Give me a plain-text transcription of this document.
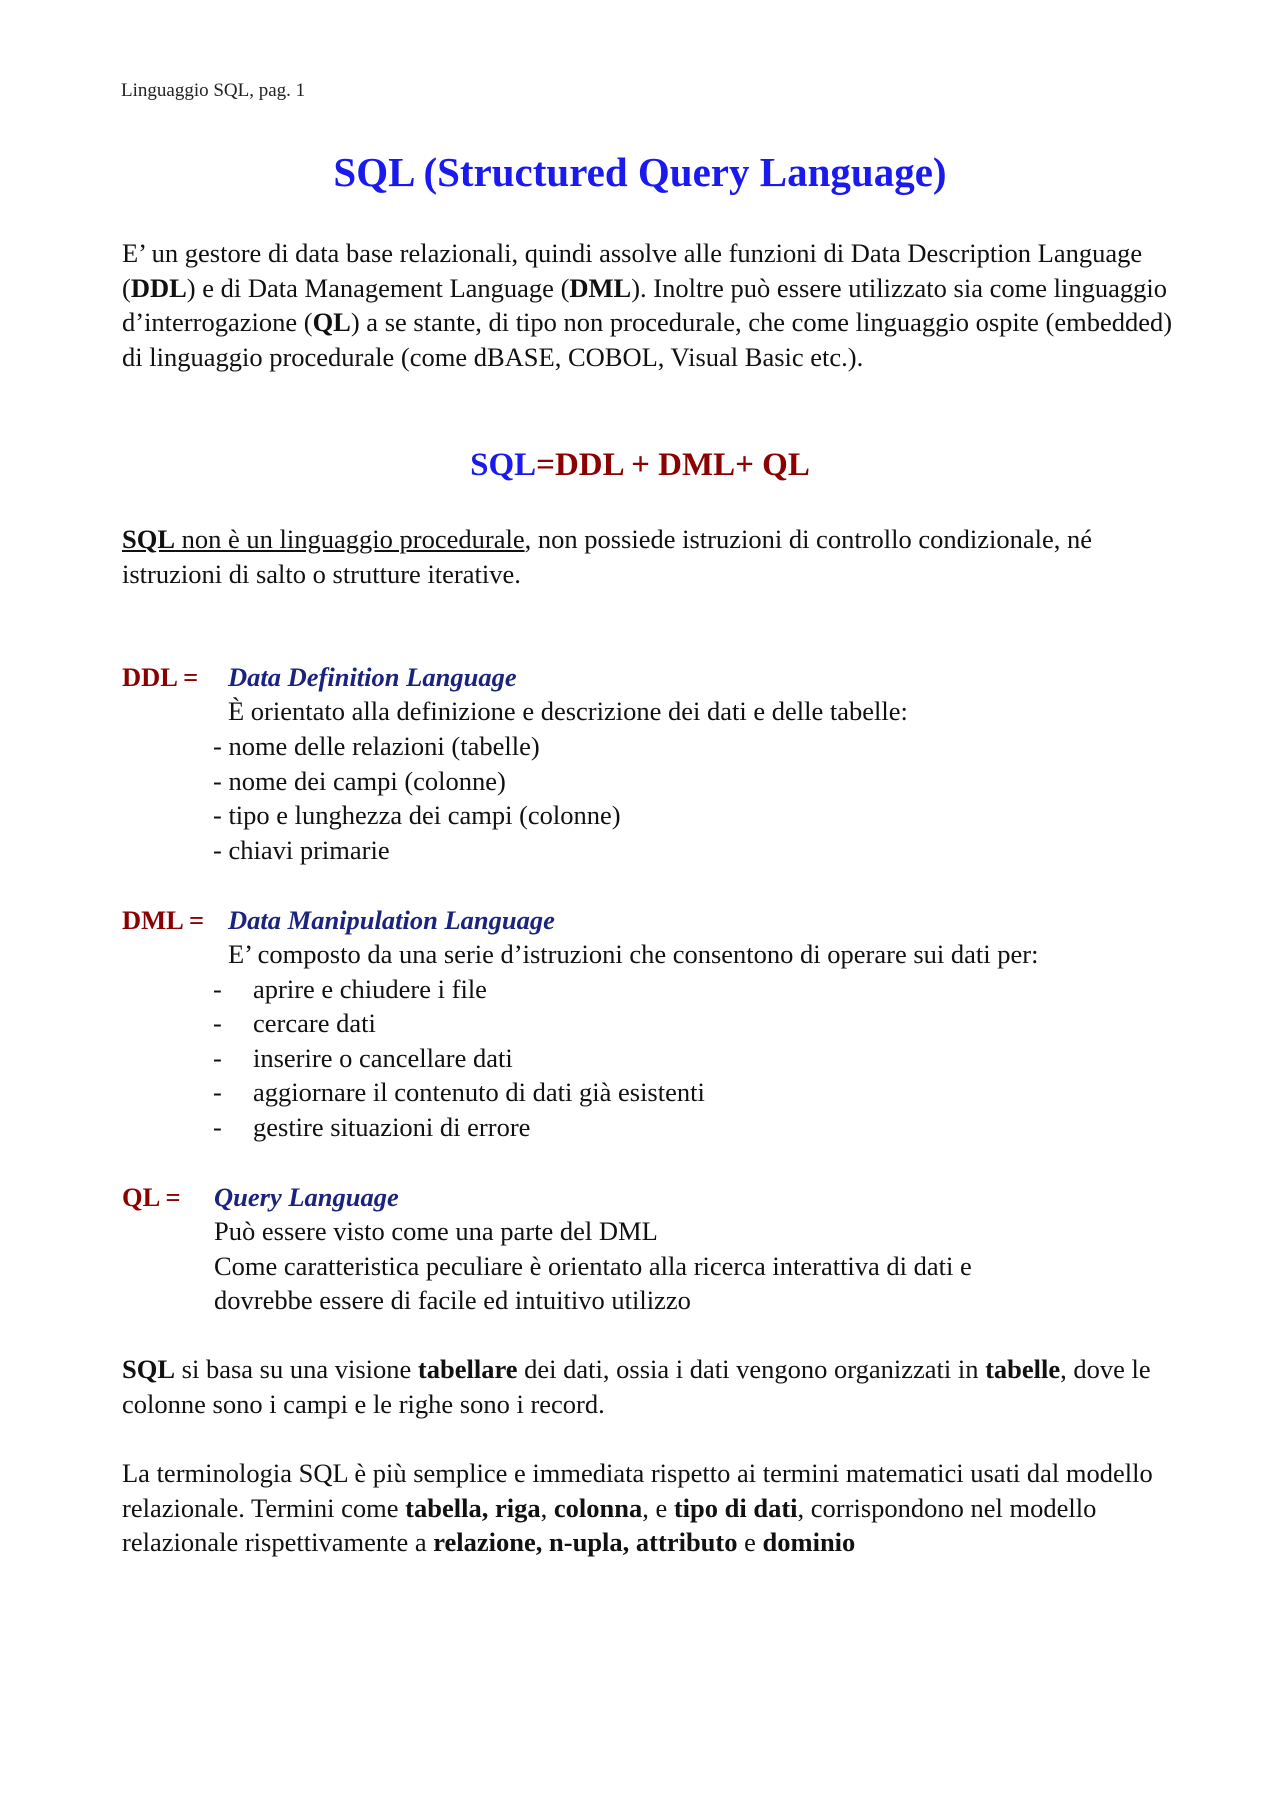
Linguaggio SQL, pag. 1
SQL (Structured Query Language)
E’ un gestore di data base relazionali, quindi assolve alle funzioni di Data Description Language (DDL) e di Data Management Language (DML). Inoltre può essere utilizzato sia come linguaggio d’interrogazione (QL) a se stante, di tipo non procedurale, che come linguaggio ospite (embedded) di linguaggio procedurale (come dBASE, COBOL, Visual Basic etc.).
SQL=DDL + DML+ QL
SQL non è un linguaggio procedurale, non possiede istruzioni di controllo condizionale, né istruzioni di salto o strutture iterative.
DDL = Data Definition Language
È orientato alla definizione e descrizione dei dati e delle tabelle:
- nome delle relazioni (tabelle)
- nome dei campi (colonne)
- tipo e lunghezza dei campi (colonne)
- chiavi primarie
DML = Data Manipulation Language
E’ composto da una serie d’istruzioni che consentono di operare sui dati per:
- aprire e chiudere i file
- cercare dati
- inserire o cancellare dati
- aggiornare il contenuto di dati già esistenti
- gestire situazioni di errore
QL = Query Language
Può essere visto come una parte del DML
Come caratteristica peculiare è orientato alla ricerca interattiva di dati e
dovrebbe essere di facile ed intuitivo utilizzo
SQL si basa su una visione tabellare dei dati, ossia i dati vengono organizzati in tabelle, dove le colonne sono i campi e le righe sono i record.
La terminologia SQL è più semplice e immediata rispetto ai termini matematici usati dal modello relazionale. Termini come tabella, riga, colonna, e tipo di dati, corrispondono nel modello relazionale rispettivamente a relazione, n-upla, attributo e dominio
